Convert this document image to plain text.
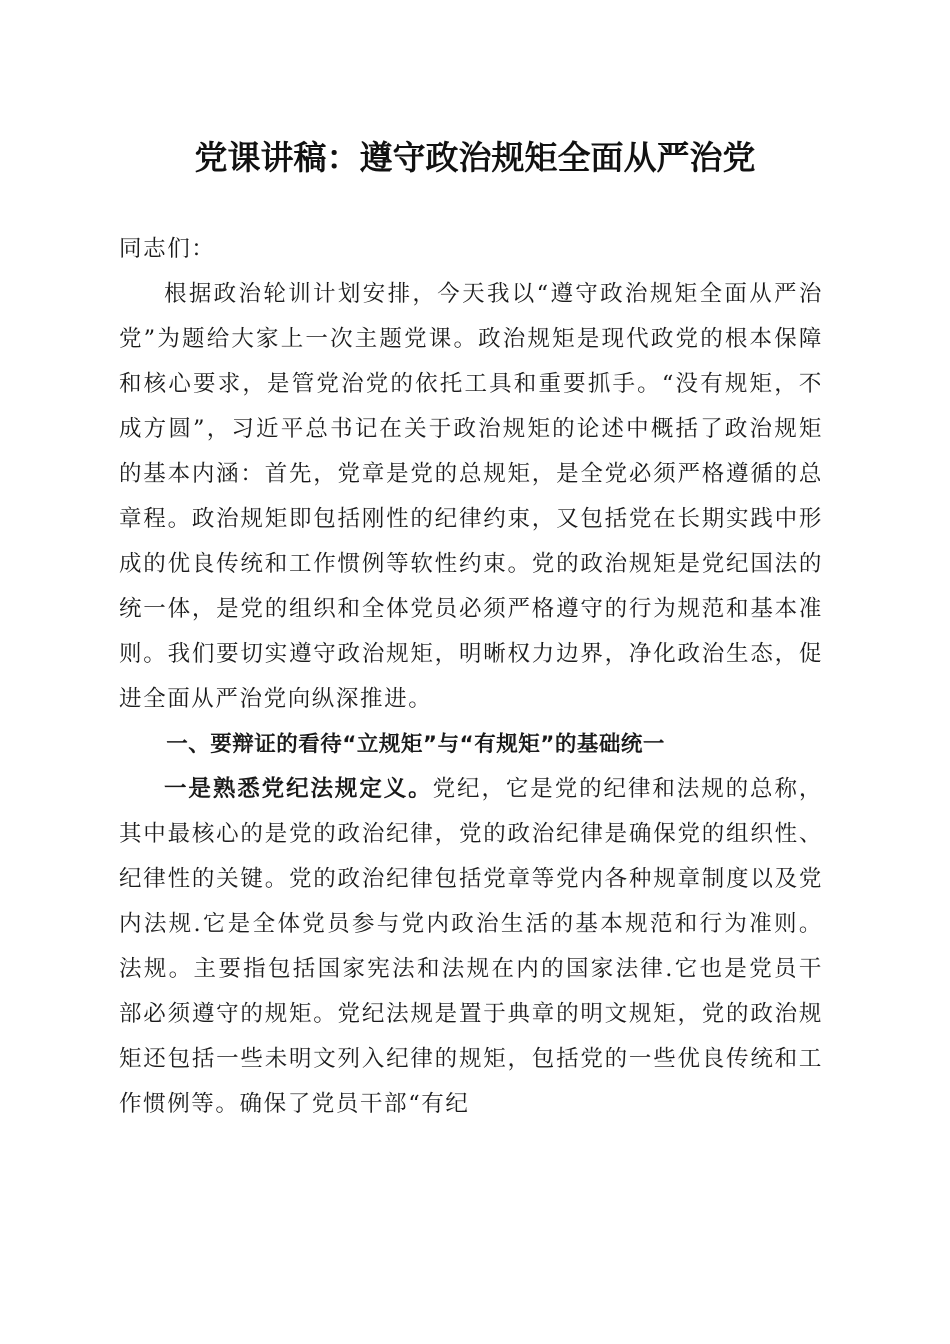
党课讲稿：遵守政治规矩全面从严治党

同志们：

根据政治轮训计划安排，今天我以“遵守政治规矩全面从严治党”为题给大家上一次主题党课。政治规矩是现代政党的根本保障和核心要求，是管党治党的依托工具和重要抓手。“没有规矩，不成方圆”，习近平总书记在关于政治规矩的论述中概括了政治规矩的基本内涵：首先，党章是党的总规矩，是全党必须严格遵循的总章程。政治规矩即包括刚性的纪律约束，又包括党在长期实践中形成的优良传统和工作惯例等软性约束。党的政治规矩是党纪国法的统一体，是党的组织和全体党员必须严格遵守的行为规范和基本准则。我们要切实遵守政治规矩，明晰权力边界，净化政治生态，促进全面从严治党向纵深推进。

一、要辩证的看待“立规矩”与“有规矩”的基础统一

一是熟悉党纪法规定义。党纪，它是党的纪律和法规的总称，其中最核心的是党的政治纪律，党的政治纪律是确保党的组织性、纪律性的关键。党的政治纪律包括党章等党内各种规章制度以及党内法规.它是全体党员参与党内政治生活的基本规范和行为准则。法规。主要指包括国家宪法和法规在内的国家法律.它也是党员干部必须遵守的规矩。党纪法规是置于典章的明文规矩，党的政治规矩还包括一些未明文列入纪律的规矩，包括党的一些优良传统和工作惯例等。确保了党员干部“有纪
